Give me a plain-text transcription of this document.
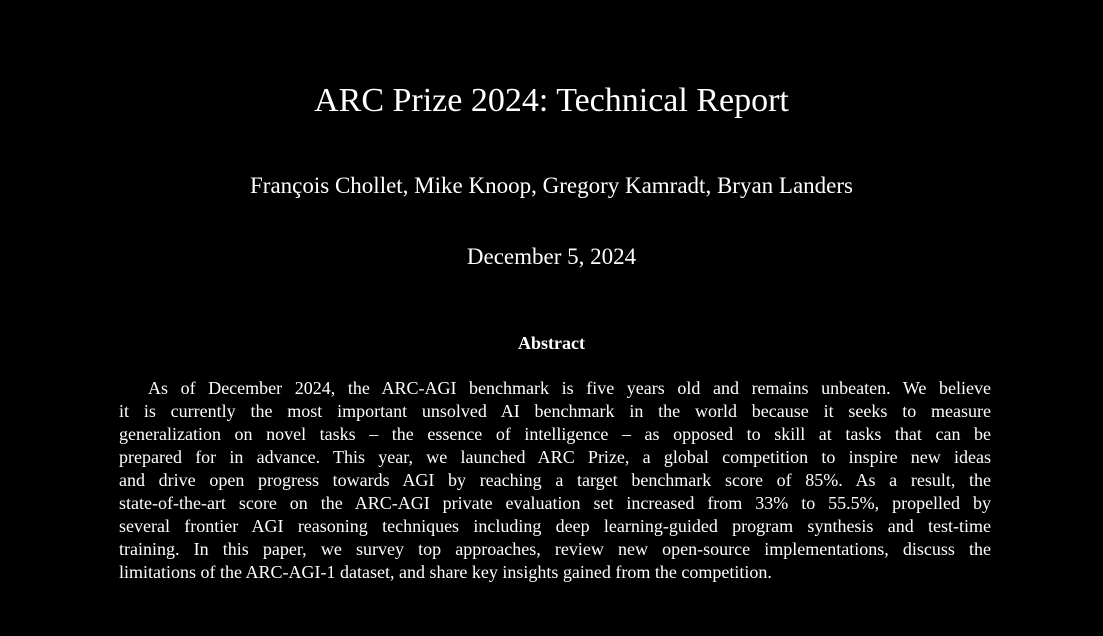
ARC Prize 2024: Technical Report
François Chollet, Mike Knoop, Gregory Kamradt, Bryan Landers
December 5, 2024
Abstract
As of December 2024, the ARC-AGI benchmark is five years old and remains unbeaten. We believe
it is currently the most important unsolved AI benchmark in the world because it seeks to measure
generalization on novel tasks – the essence of intelligence – as opposed to skill at tasks that can be
prepared for in advance. This year, we launched ARC Prize, a global competition to inspire new ideas
and drive open progress towards AGI by reaching a target benchmark score of 85%. As a result, the
state-of-the-art score on the ARC-AGI private evaluation set increased from 33% to 55.5%, propelled by
several frontier AGI reasoning techniques including deep learning-guided program synthesis and test-time
training. In this paper, we survey top approaches, review new open-source implementations, discuss the
limitations of the ARC-AGI-1 dataset, and share key insights gained from the competition.
